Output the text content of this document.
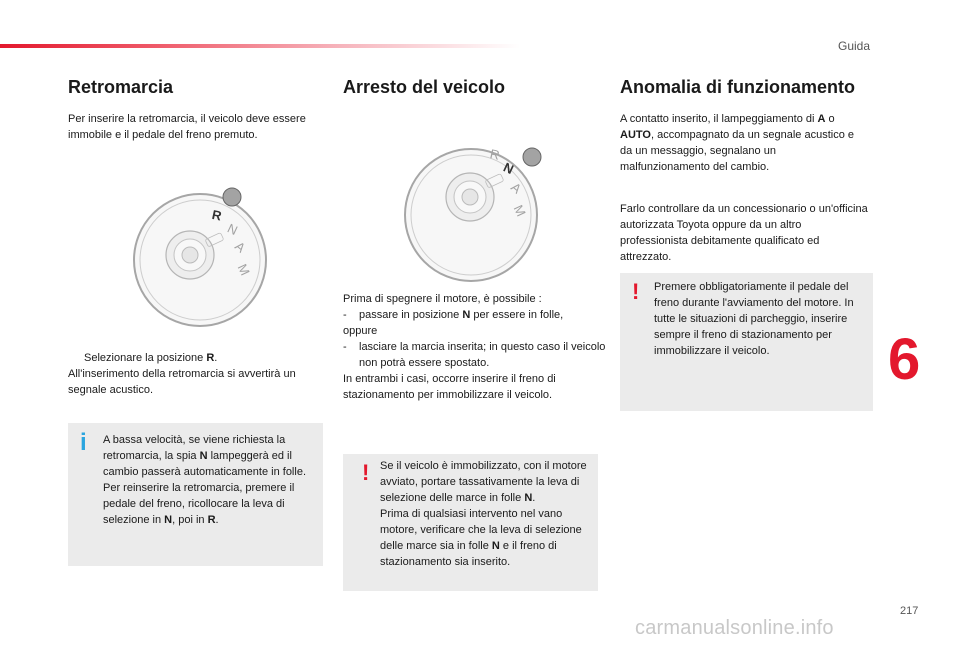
Guida
Retromarcia

Per inserire la retromarcia, il veicolo deve essere immobile e il pedale del freno premuto.

R
N
A
M

Selezionare la posizione R.

All'inserimento della retromarcia si avvertirà un segnale acustico.

i A bassa velocità, se viene richiesta la retromarcia, la spia N lampeggerà ed il cambio passerà automaticamente in folle. Per reinserire la retromarcia, premere il pedale del freno, ricollocare la leva di selezione in N, poi in R.
Arresto del veicolo
R
N
A
M

Prima di spegnere il motore, è possibile :

- passare in posizione N per essere in folle,

oppure

- lasciare la marcia inserita; in questo caso il veicolo non potrà essere spostato.

In entrambi i casi, occorre inserire il freno di stazionamento per immobilizzare il veicolo.

! Se il veicolo è immobilizzato, con il motore avviato, portare tassativamente la leva di selezione delle marce in folle N.
Prima di qualsiasi intervento nel vano motore, verificare che la leva di selezione delle marce sia in folle N e il freno di stazionamento sia inserito.
Anomalia di funzionamento

A contatto inserito, il lampeggiamento di A o AUTO, accompagnato da un segnale acustico e da un messaggio, segnalano un malfunzionamento del cambio.

Farlo controllare da un concessionario o un'officina autorizzata Toyota oppure da un altro professionista debitamente qualificato ed attrezzato.

! Premere obbligatoriamente il pedale del freno durante l'avviamento del motore. In tutte le situazioni di parcheggio, inserire sempre il freno di stazionamento per immobilizzare il veicolo.	6
217
carmanualsonline.info
